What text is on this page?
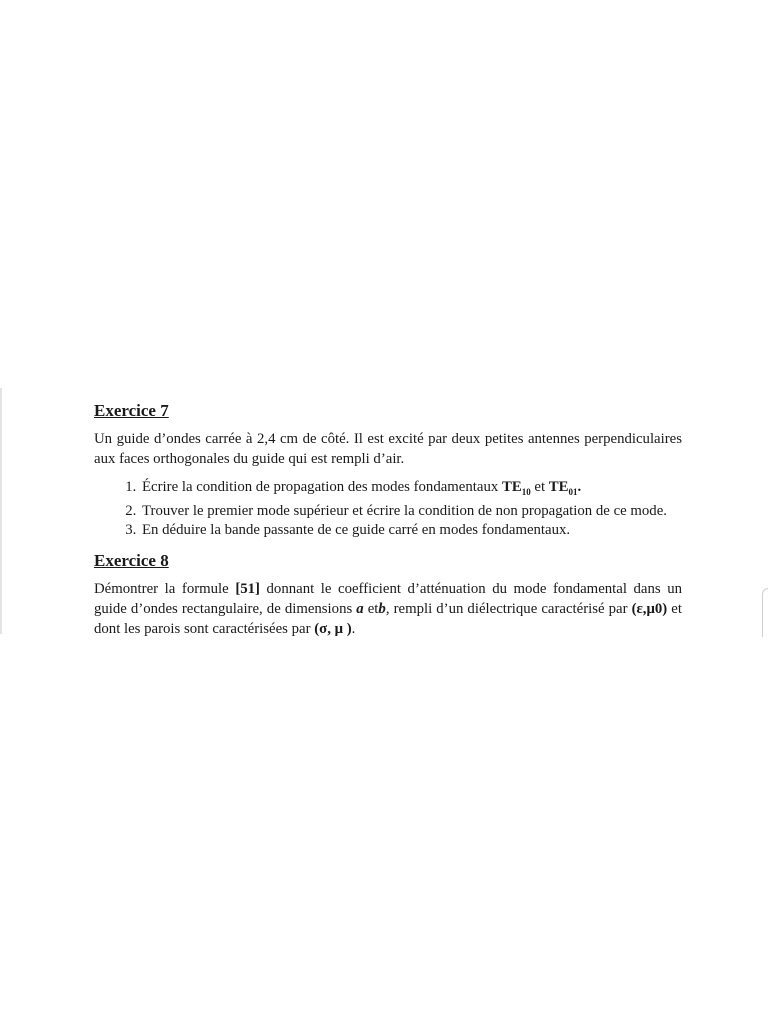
Exercice 7

Un guide d’ondes carrée à 2,4 cm de côté. Il est excité par deux petites antennes perpendiculaires aux faces orthogonales du guide qui est rempli d’air.

1. Écrire la condition de propagation des modes fondamentaux $TE_{10}$ et $TE_{01}$.
2. Trouver le premier mode supérieur et écrire la condition de non propagation de ce mode.
3. En déduire la bande passante de ce guide carré en modes fondamentaux.
Exercice 8

Démontrer la formule [51] donnant le coefficient d’atténuation du mode fondamental dans un guide d’ondes rectangulaire, de dimensions a etb, rempli d’un diélectrique caractérisé par (ε,μ0) et dont les parois sont caractérisées par (σ, μ ).
